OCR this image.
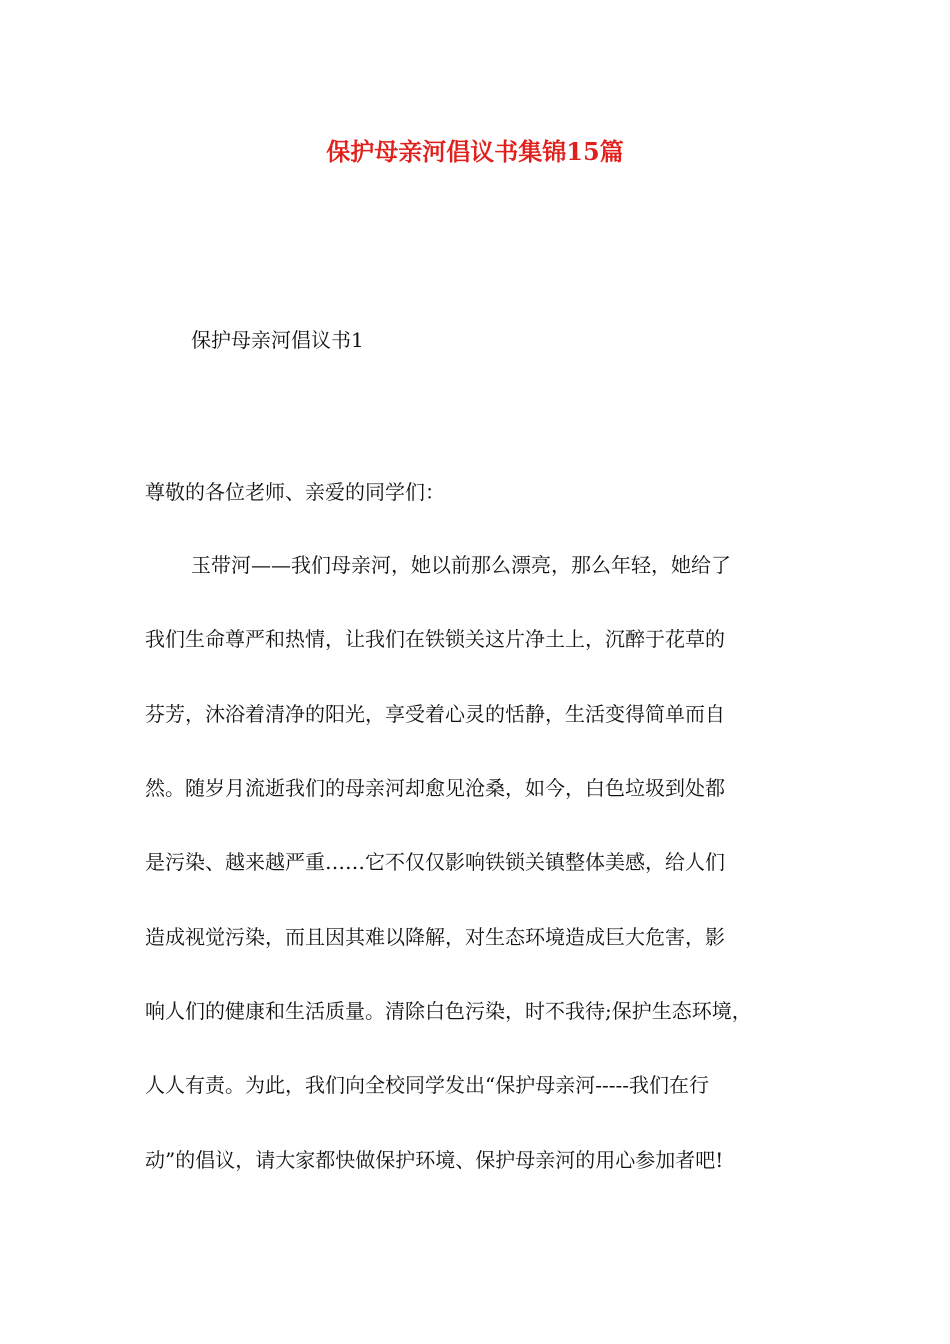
保护母亲河倡议书集锦15篇
保护母亲河倡议书1
尊敬的各位老师、亲爱的同学们：
玉带河——我们母亲河，她以前那么漂亮，那么年轻，她给了
我们生命尊严和热情，让我们在铁锁关这片净土上，沉醉于花草的
芬芳，沐浴着清净的阳光，享受着心灵的恬静，生活变得简单而自
然。随岁月流逝我们的母亲河却愈见沧桑，如今，白色垃圾到处都
是污染、越来越严重……它不仅仅影响铁锁关镇整体美感，给人们
造成视觉污染，而且因其难以降解，对生态环境造成巨大危害，影
响人们的健康和生活质量。清除白色污染，时不我待;保护生态环境，
人人有责。为此，我们向全校同学发出“保护母亲河-----我们在行
动”的倡议，请大家都快做保护环境、保护母亲河的用心参加者吧!
